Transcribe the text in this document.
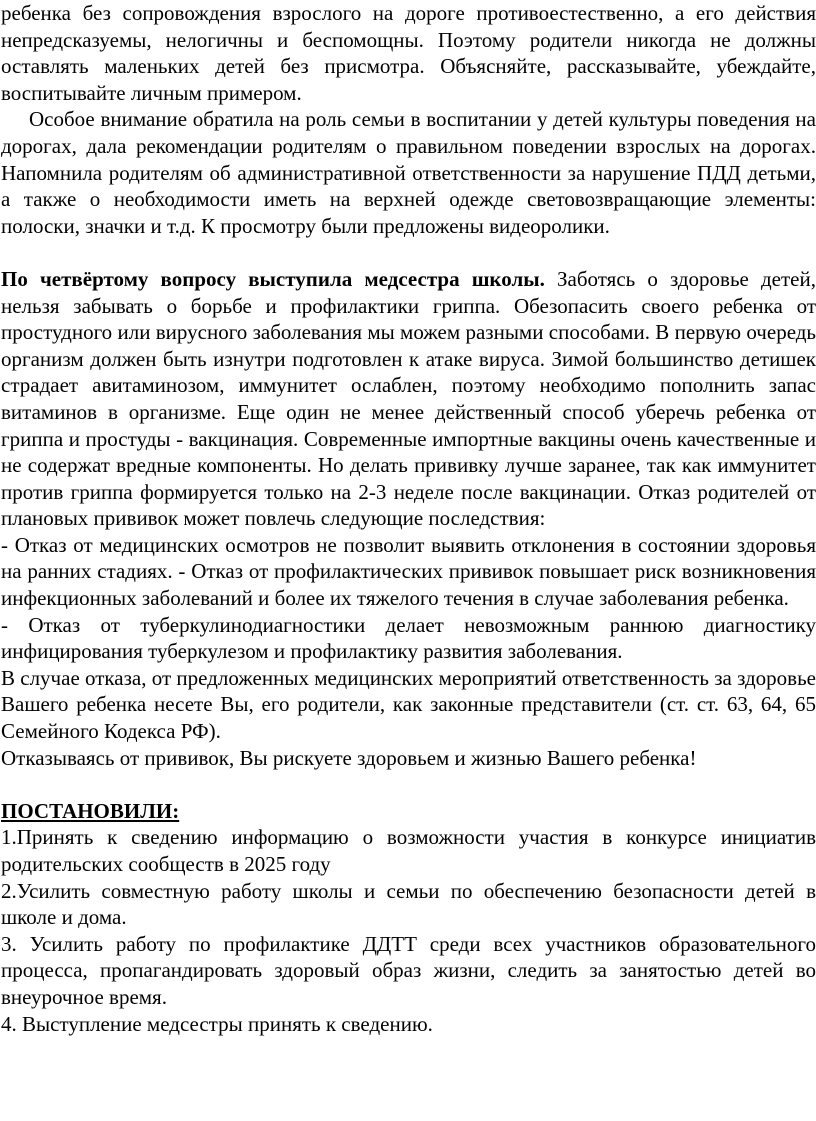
ребенка без сопровождения взрослого на дороге противоестественно, а его действия непредсказуемы, нелогичны и беспомощны. Поэтому родители никогда не должны оставлять маленьких детей без присмотра. Объясняйте, рассказывайте, убеждайте, воспитывайте личным примером.

Особое внимание обратила на роль семьи в воспитании у детей культуры поведения на дорогах, дала рекомендации родителям о правильном поведении взрослых на дорогах. Напомнила родителям об административной ответственности за нарушение ПДД детьми, а также о необходимости иметь на верхней одежде световозвращающие элементы: полоски, значки и т.д. К просмотру были предложены видеоролики.

По четвёртому вопросу выступила медсестра школы. Заботясь о здоровье детей, нельзя забывать о борьбе и профилактики гриппа. Обезопасить своего ребенка от простудного или вирусного заболевания мы можем разными способами. В первую очередь организм должен быть изнутри подготовлен к атаке вируса. Зимой большинство детишек страдает авитаминозом, иммунитет ослаблен, поэтому необходимо пополнить запас витаминов в организме. Еще один не менее действенный способ уберечь ребенка от гриппа и простуды - вакцинация. Современные импортные вакцины очень качественные и не содержат вредные компоненты. Но делать прививку лучше заранее, так как иммунитет против гриппа формируется только на 2-3 неделе после вакцинации. Отказ родителей от плановых прививок может повлечь следующие последствия:

- Отказ от медицинских осмотров не позволит выявить отклонения в состоянии здоровья на ранних стадиях. - Отказ от профилактических прививок повышает риск возникновения инфекционных заболеваний и более их тяжелого течения в случае заболевания ребенка.

- Отказ от туберкулинодиагностики делает невозможным раннюю диагностику инфицирования туберкулезом и профилактику развития заболевания.

В случае отказа, от предложенных медицинских мероприятий ответственность за здоровье Вашего ребенка несете Вы, его родители, как законные представители (ст. ст. 63, 64, 65 Семейного Кодекса РФ).

Отказываясь от прививок, Вы рискуете здоровьем и жизнью Вашего ребенка!

ПОСТАНОВИЛИ:

1.Принять к сведению информацию о возможности участия в конкурсе инициатив родительских сообществ в 2025 году

2.Усилить совместную работу школы и семьи по обеспечению безопасности детей в школе и дома.

3. Усилить работу по профилактике ДДТТ среди всех участников образовательного процесса, пропагандировать здоровый образ жизни, следить за занятостью детей во внеурочное время.

4. Выступление медсестры принять к сведению.
